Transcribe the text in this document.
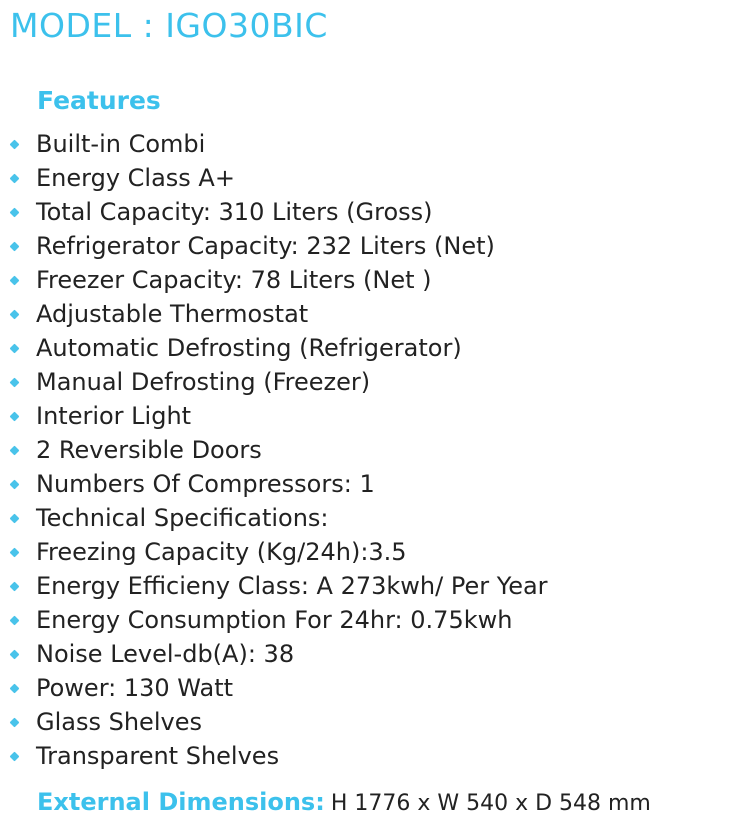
MODEL : IGO30BIC
Features
Built-in Combi
Energy Class A+
Total Capacity: 310 Liters (Gross)
Refrigerator Capacity: 232 Liters (Net)
Freezer Capacity: 78 Liters (Net )
Adjustable Thermostat
Automatic Defrosting (Refrigerator)
Manual Defrosting (Freezer)
Interior Light
2 Reversible Doors
Numbers Of Compressors: 1
Technical Specifications:
Freezing Capacity (Kg/24h):3.5
Energy Efficieny Class: A 273kwh/ Per Year
Energy Consumption For 24hr: 0.75kwh
Noise Level-db(A): 38
Power: 130 Watt
Glass Shelves
Transparent Shelves
External Dimensions: H 1776 x W 540 x D 548 mm
